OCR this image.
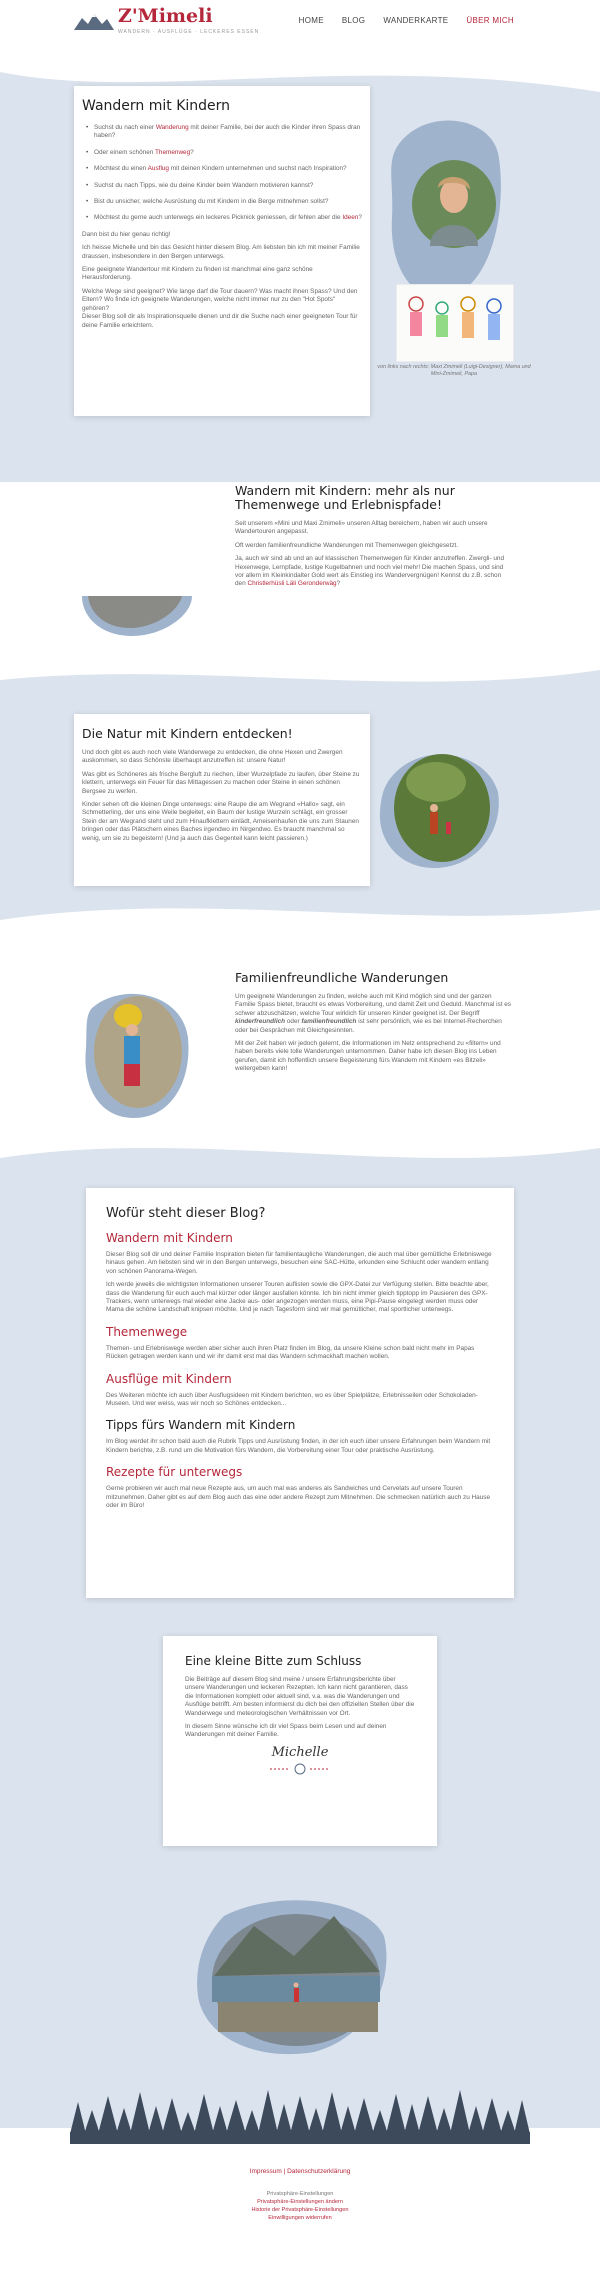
Z'Mimeli
WANDERN · AUSFLÜGE · LECKERES ESSEN
HOME BLOG WANDERKARTE ÜBER MICH
Wandern mit Kindern
• Suchst du nach einer Wanderung mit deiner Familie, bei der auch die Kinder ihren Spass dran haben?
• Oder einem schönen Themenweg?
• Möchtest du einen Ausflug mit deinen Kindern unternehmen und suchst nach Inspiration?
• Suchst du nach Tipps, wie du deine Kinder beim Wandern motivieren kannst?
• Bist du unsicher, welche Ausrüstung du mit Kindern in die Berge mitnehmen sollst?
• Möchtest du gerne auch unterwegs ein leckeres Picknick geniessen, dir fehlen aber die Ideen?

Dann bist du hier genau richtig!

Ich heisse Michelle und bin das Gesicht hinter diesem Blog. Am liebsten bin ich mit meiner Familie draussen, insbesondere in den Bergen unterwegs.

Eine geeignete Wandertour mit Kindern zu finden ist manchmal eine ganz schöne Herausforderung.

Welche Wege sind geeignet? Wie lange darf die Tour dauern? Was macht ihnen Spass? Und den Eltern? Wo finde ich geeignete Wanderungen, welche nicht immer nur zu den "Hot Spots" gehören?

Dieser Blog soll dir als Inspirationsquelle dienen und dir die Suche nach einer geeigneten Tour für deine Familie erleichtern.

von links nach rechts: Maxi Zmimeli (Luigi-Designer), Mama und Mini-Zmimeli, Papa
Wandern mit Kindern: mehr als nur Themenwege und Erlebnispfade!

Seit unserem «Mini und Maxi Zmimeli» unseren Alltag bereichern, haben wir auch unsere Wandertouren angepasst.

Oft werden familienfreundliche Wanderungen mit Themenwegen gleichgesetzt.

Ja, auch wir sind ab und an auf klassischen Themenwegen für Kinder anzutreffen. Zwergli- und Hexenwege, Lernpfade, lustige Kugelbahnen und noch viel mehr! Die machen Spass, und sind vor allem im Kleinkindalter Gold wert als Einstieg ins Wandervergnügen! Kennst du z.B. schon den Christlerhüsli Läli Geronderwäg?

Die Natur mit Kindern entdecken!

Und doch gibt es auch noch viele Wanderwege zu entdecken, die ohne Hexen und Zwergen auskommen, so dass Schönste überhaupt anzutreffen ist: unsere Natur!

Was gibt es Schöneres als frische Bergluft zu riechen, über Wurzelpfade zu laufen, über Steine zu klettern, unterwegs ein Feuer für das Mittagessen zu machen oder Steine in einen schönen Bergsee zu werfen.

Kinder sehen oft die kleinen Dinge unterwegs: eine Raupe die am Wegrand «Hallo» sagt, ein Schmetterling, der uns eine Weile begleitet, ein Baum der lustige Wurzeln schlägt, ein grosser Stein der am Wegrand steht und zum Hinaufklettern einlädt, Ameisenhaufen die uns zum Staunen bringen oder das Plätschern eines Baches irgendwo im Nirgendwo. Es braucht manchmal so wenig, um sie zu begeistern! (Und ja auch das Gegenteil kann leicht passieren.)

Familienfreundliche Wanderungen

Um geeignete Wanderungen zu finden, welche auch mit Kind möglich sind und der ganzen Familie Spass bietet, braucht es etwas Vorbereitung, und damit Zeit und Geduld. Manchmal ist es schwer abzuschätzen, welche Tour wirklich für unseren Kinder geeignet ist. Der Begriff kinderfreundlich oder familienfreundlich ist sehr persönlich, wie es bei Internet-Recherchen oder bei Gesprächen mit Gleichgesinnten.

Mit der Zeit haben wir jedoch gelernt, die Informationen im Netz entsprechend zu «filtern» und haben bereits viele tolle Wanderungen unternommen. Daher habe ich diesen Blog ins Leben gerufen, damit ich hoffentlich unsere Begeisterung fürs Wandern mit Kindern «es Bitzeli» weitergeben kann!

Wofür steht dieser Blog?
Wandern mit Kindern

Dieser Blog soll dir und deiner Familie Inspiration bieten für familientaugliche Wanderungen, die auch mal über gemütliche Erlebniswege hinaus gehen. Am liebsten sind wir in den Bergen unterwegs, besuchen eine SAC-Hütte, erkunden eine Schlucht oder wandern entlang von schönen Panorama-Wegen.

Ich werde jeweils die wichtigsten Informationen unserer Touren auflisten sowie die GPX-Datei zur Verfügung stellen. Bitte beachte aber, dass die Wanderung für euch auch mal kürzer oder länger ausfallen könnte. Ich bin nicht immer gleich tipptopp im Pausieren des GPX-Trackers, wenn unterwegs mal wieder eine Jacke aus- oder angezogen werden muss, eine Pipi-Pause eingelegt werden muss oder Mama die schöne Landschaft knipsen möchte. Und je nach Tagesform sind wir mal gemütlicher, mal sportlicher unterwegs.

Themenwege

Themen- und Erlebniswege werden aber sicher auch ihren Platz finden im Blog, da unsere Kleine schon bald nicht mehr im Papas Rücken getragen werden kann und wir ihr damit erst mal das Wandern schmackhaft machen wollen.

Ausflüge mit Kindern

Des Weiteren möchte ich auch über Ausflugsideen mit Kindern berichten, wo es über Spielplätze, Erlebnisseilen oder Schokoladen-Museen. Und wer weiss, was wir noch so Schönes entdecken...

Tipps fürs Wandern mit Kindern

Im Blog werdet ihr schon bald auch die Rubrik Tipps und Ausrüstung finden, in der ich euch über unsere Erfahrungen beim Wandern mit Kindern berichte, z.B. rund um die Motivation fürs Wandern, die Vorbereitung einer Tour oder praktische Ausrüstung.

Rezepte für unterwegs

Gerne probieren wir auch mal neue Rezepte aus, um auch mal was anderes als Sandwiches und Cervelats auf unsere Touren mitzunehmen. Daher gibt es auf dem Blog auch das eine oder andere Rezept zum Mitnehmen. Die schmecken natürlich auch zu Hause oder im Büro!

Eine kleine Bitte zum Schluss

Die Beiträge auf diesem Blog sind meine / unsere Erfahrungsberichte über unsere Wanderungen und leckeren Rezepten. Ich kann nicht garantieren, dass die Informationen komplett oder aktuell sind, v.a. was die Wanderungen und Ausflüge betrifft. Am besten informierst du dich bei den offiziellen Stellen über die Wanderwege und meteorologischen Verhältnissen vor Ort.

In diesem Sinne wünsche ich dir viel Spass beim Lesen und auf deinen Wanderungen mit deiner Familie.

Michelle
Impressum | Datenschutzerklärung
Privatsphäre-Einstellungen
Privatsphäre-Einstellungen ändern
Historie der Privatsphäre-Einstellungen
Einwilligungen widerrufen
